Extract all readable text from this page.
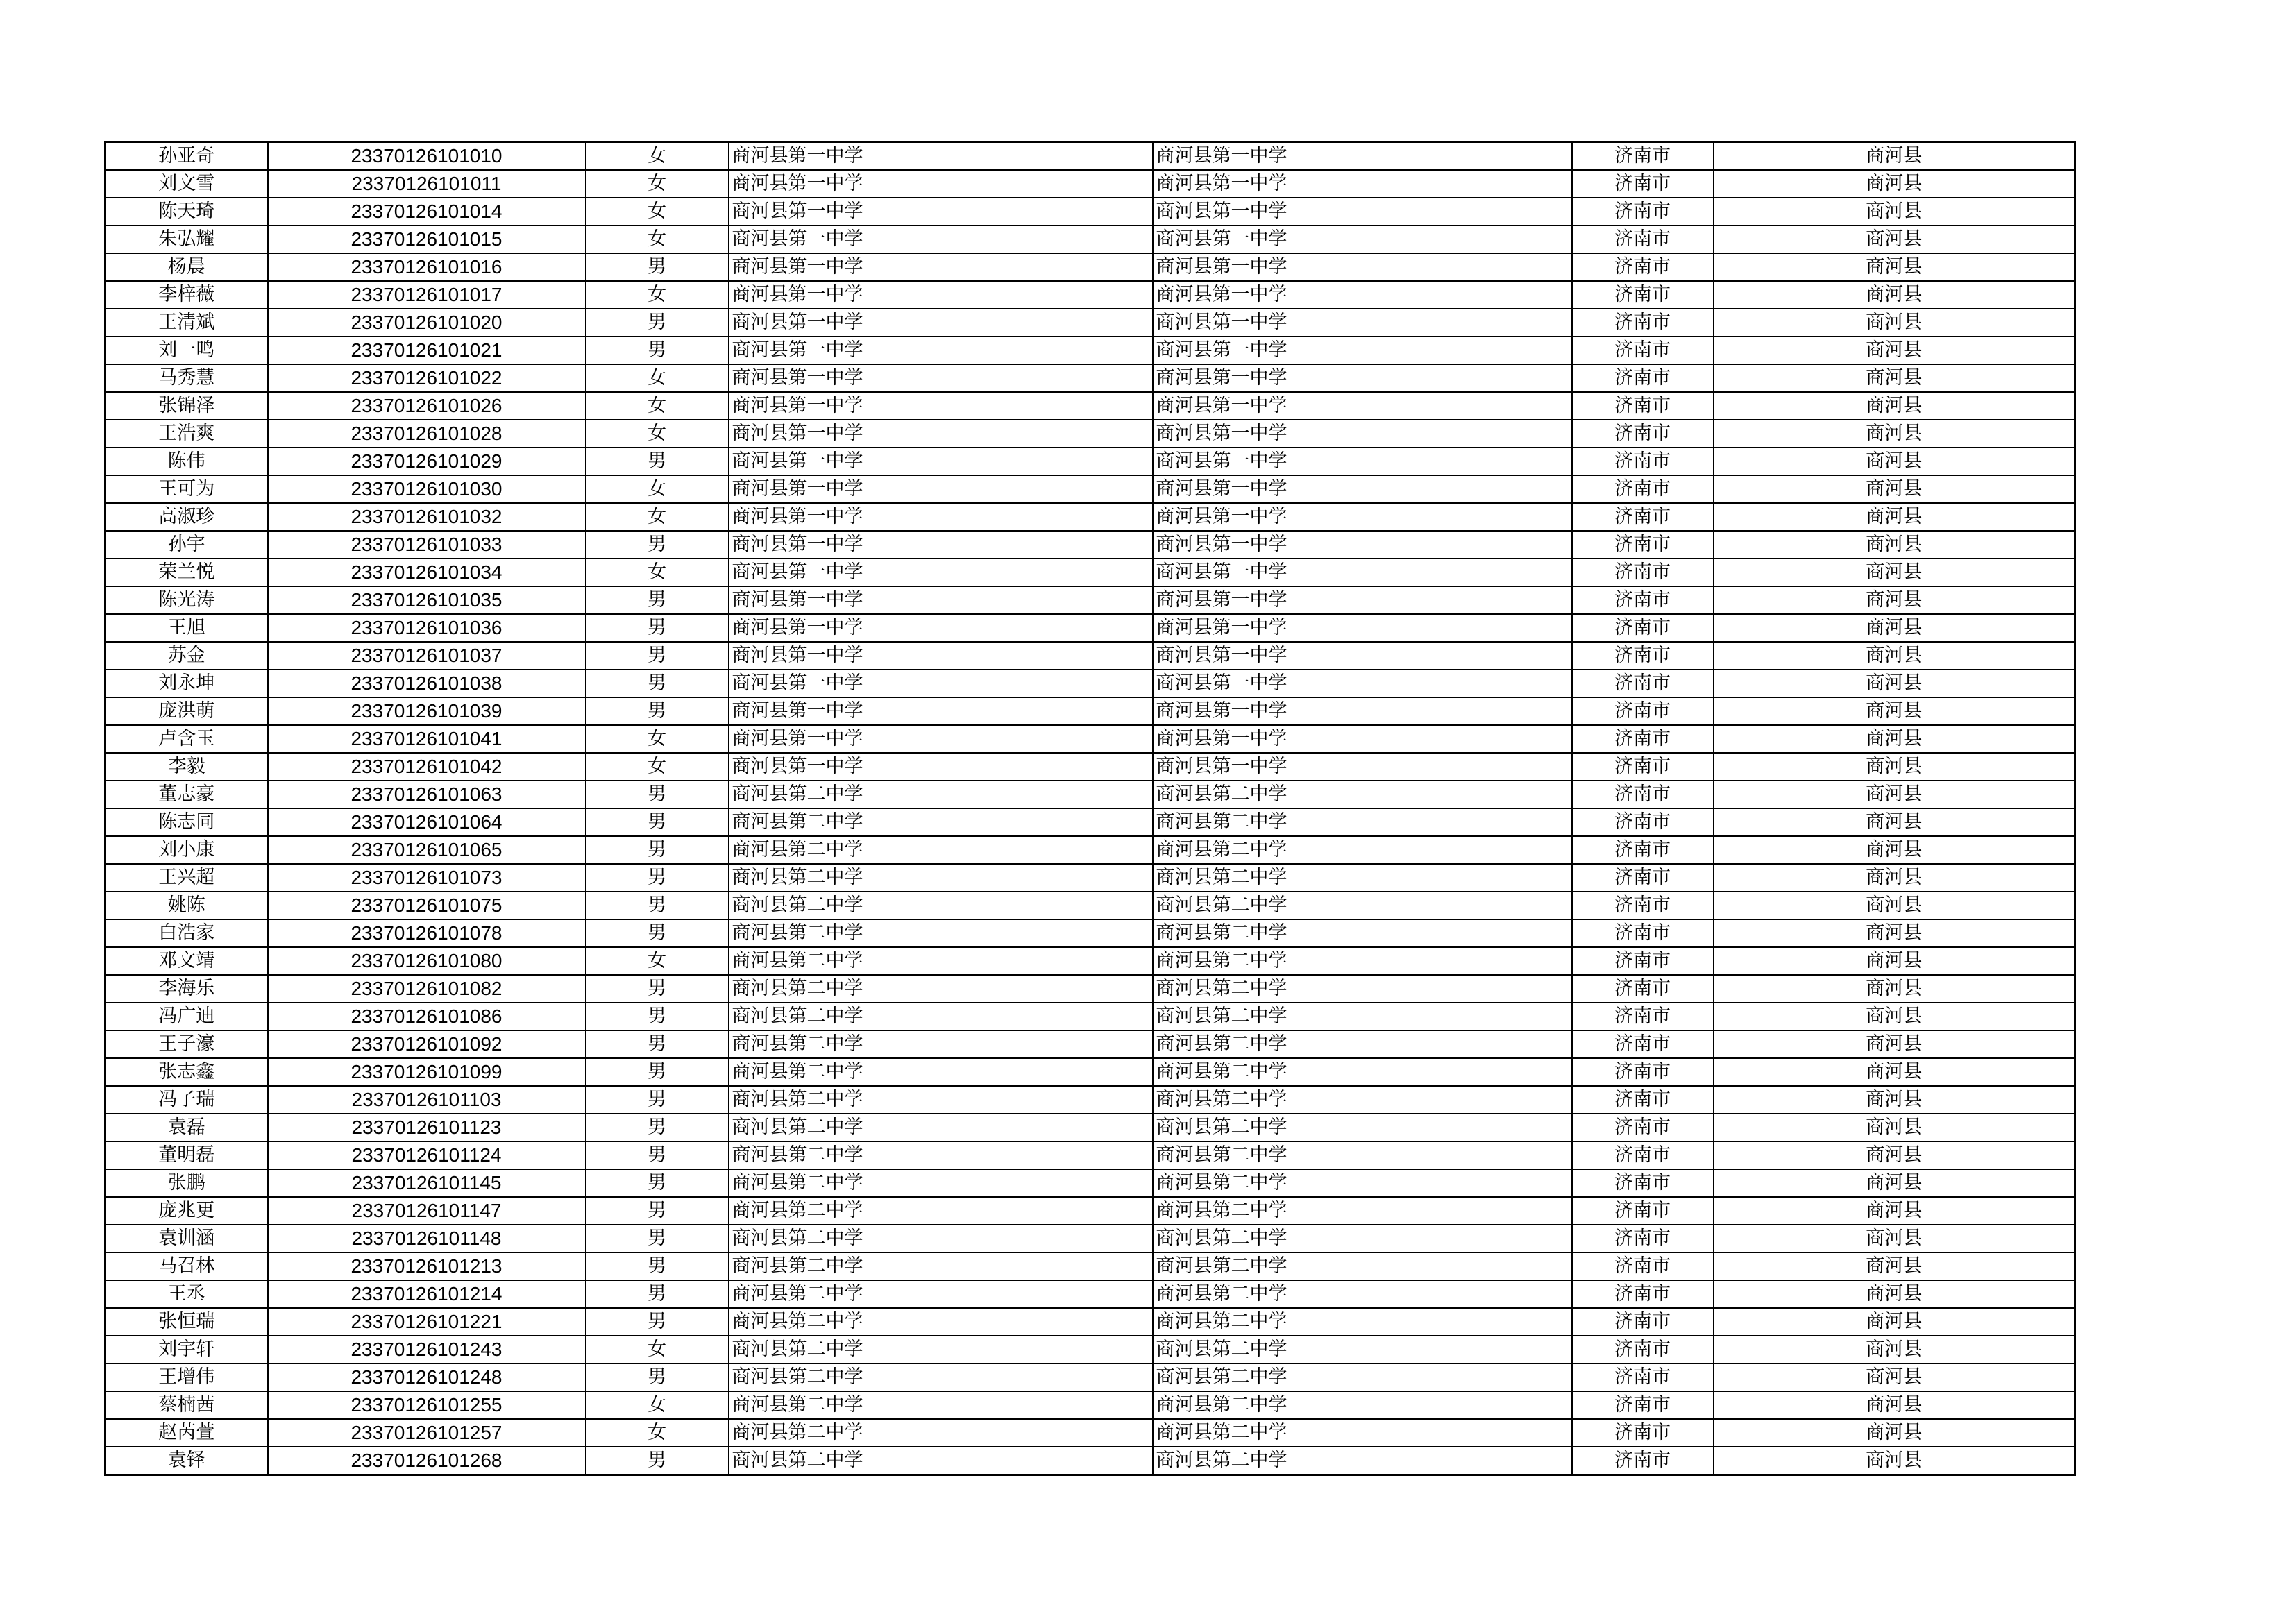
孙亚奇	23370126101010	女	商河县第一中学	商河县第一中学	济南市	商河县
刘文雪	23370126101011	女	商河县第一中学	商河县第一中学	济南市	商河县
陈天琦	23370126101014	女	商河县第一中学	商河县第一中学	济南市	商河县
朱弘耀	23370126101015	女	商河县第一中学	商河县第一中学	济南市	商河县
杨晨	23370126101016	男	商河县第一中学	商河县第一中学	济南市	商河县
李梓薇	23370126101017	女	商河县第一中学	商河县第一中学	济南市	商河县
王清斌	23370126101020	男	商河县第一中学	商河县第一中学	济南市	商河县
刘一鸣	23370126101021	男	商河县第一中学	商河县第一中学	济南市	商河县
马秀慧	23370126101022	女	商河县第一中学	商河县第一中学	济南市	商河县
张锦泽	23370126101026	女	商河县第一中学	商河县第一中学	济南市	商河县
王浩爽	23370126101028	女	商河县第一中学	商河县第一中学	济南市	商河县
陈伟	23370126101029	男	商河县第一中学	商河县第一中学	济南市	商河县
王可为	23370126101030	女	商河县第一中学	商河县第一中学	济南市	商河县
高淑珍	23370126101032	女	商河县第一中学	商河县第一中学	济南市	商河县
孙宇	23370126101033	男	商河县第一中学	商河县第一中学	济南市	商河县
荣兰悦	23370126101034	女	商河县第一中学	商河县第一中学	济南市	商河县
陈光涛	23370126101035	男	商河县第一中学	商河县第一中学	济南市	商河县
王旭	23370126101036	男	商河县第一中学	商河县第一中学	济南市	商河县
苏金	23370126101037	男	商河县第一中学	商河县第一中学	济南市	商河县
刘永坤	23370126101038	男	商河县第一中学	商河县第一中学	济南市	商河县
庞洪萌	23370126101039	男	商河县第一中学	商河县第一中学	济南市	商河县
卢含玉	23370126101041	女	商河县第一中学	商河县第一中学	济南市	商河县
李毅	23370126101042	女	商河县第一中学	商河县第一中学	济南市	商河县
董志豪	23370126101063	男	商河县第二中学	商河县第二中学	济南市	商河县
陈志同	23370126101064	男	商河县第二中学	商河县第二中学	济南市	商河县
刘小康	23370126101065	男	商河县第二中学	商河县第二中学	济南市	商河县
王兴超	23370126101073	男	商河县第二中学	商河县第二中学	济南市	商河县
姚陈	23370126101075	男	商河县第二中学	商河县第二中学	济南市	商河县
白浩家	23370126101078	男	商河县第二中学	商河县第二中学	济南市	商河县
邓文靖	23370126101080	女	商河县第二中学	商河县第二中学	济南市	商河县
李海乐	23370126101082	男	商河县第二中学	商河县第二中学	济南市	商河县
冯广迪	23370126101086	男	商河县第二中学	商河县第二中学	济南市	商河县
王子濠	23370126101092	男	商河县第二中学	商河县第二中学	济南市	商河县
张志鑫	23370126101099	男	商河县第二中学	商河县第二中学	济南市	商河县
冯子瑞	23370126101103	男	商河县第二中学	商河县第二中学	济南市	商河县
袁磊	23370126101123	男	商河县第二中学	商河县第二中学	济南市	商河县
董明磊	23370126101124	男	商河县第二中学	商河县第二中学	济南市	商河县
张鹏	23370126101145	男	商河县第二中学	商河县第二中学	济南市	商河县
庞兆更	23370126101147	男	商河县第二中学	商河县第二中学	济南市	商河县
袁训涵	23370126101148	男	商河县第二中学	商河县第二中学	济南市	商河县
马召林	23370126101213	男	商河县第二中学	商河县第二中学	济南市	商河县
王丞	23370126101214	男	商河县第二中学	商河县第二中学	济南市	商河县
张恒瑞	23370126101221	男	商河县第二中学	商河县第二中学	济南市	商河县
刘宇轩	23370126101243	女	商河县第二中学	商河县第二中学	济南市	商河县
王增伟	23370126101248	男	商河县第二中学	商河县第二中学	济南市	商河县
蔡楠茜	23370126101255	女	商河县第二中学	商河县第二中学	济南市	商河县
赵芮萱	23370126101257	女	商河县第二中学	商河县第二中学	济南市	商河县
袁铎	23370126101268	男	商河县第二中学	商河县第二中学	济南市	商河县
